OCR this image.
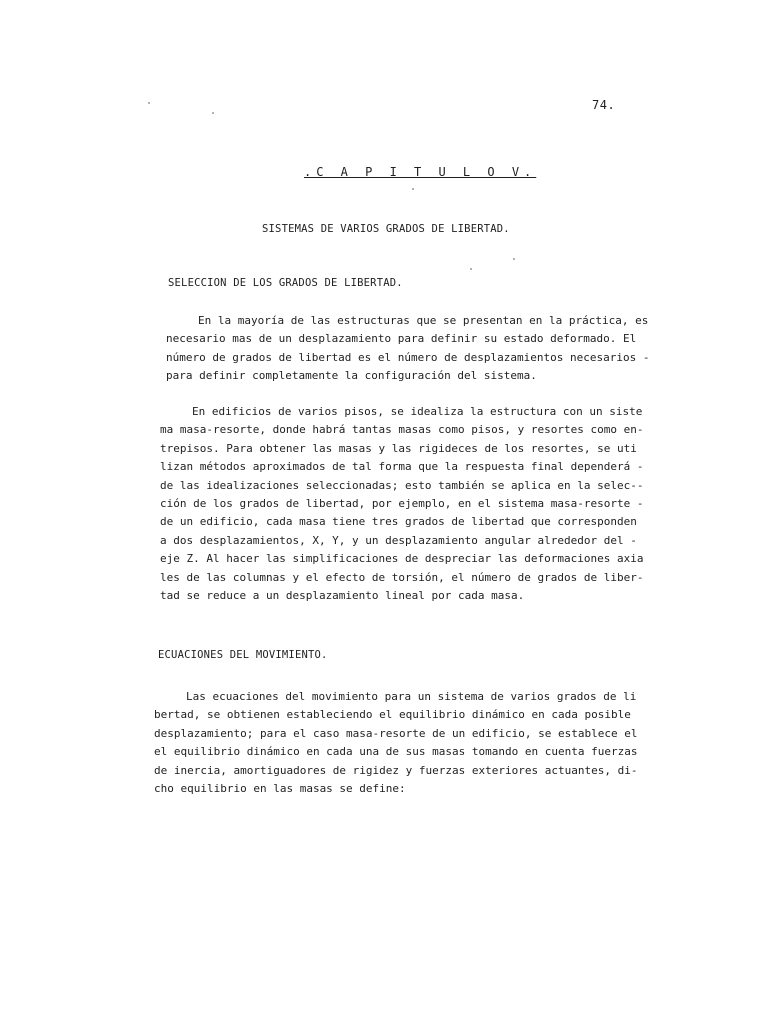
74.
.C A P I T U L O V.
SISTEMAS DE VARIOS GRADOS DE LIBERTAD.
SELECCION DE LOS GRADOS DE LIBERTAD.
En la mayoría de las estructuras que se presentan en la práctica, es
necesario mas de un desplazamiento para definir su estado deformado. El
número de grados de libertad es el número de desplazamientos necesarios -
para definir completamente la configuración del sistema.
En edificios de varios pisos, se idealiza la estructura con un siste
ma masa-resorte, donde habrá tantas masas como pisos, y resortes como en-
trepisos. Para obtener las masas y las rigideces de los resortes, se uti
lizan métodos aproximados de tal forma que la respuesta final dependerá -
de las idealizaciones seleccionadas; esto también se aplica en la selec--
ción de los grados de libertad, por ejemplo, en el sistema masa-resorte -
de un edificio, cada masa tiene tres grados de libertad que corresponden
a dos desplazamientos, X, Y, y un desplazamiento angular alrededor del -
eje Z. Al hacer las simplificaciones de despreciar las deformaciones axia
les de las columnas y el efecto de torsión, el número de grados de liber-
tad se reduce a un desplazamiento lineal por cada masa.
ECUACIONES DEL MOVIMIENTO.
Las ecuaciones del movimiento para un sistema de varios grados de li
bertad, se obtienen estableciendo el equilibrio dinámico en cada posible
desplazamiento; para el caso masa-resorte de un edificio, se establece el
el equilibrio dinámico en cada una de sus masas tomando en cuenta fuerzas
de inercia, amortiguadores de rigidez y fuerzas exteriores actuantes, di-
cho equilibrio en las masas se define:
